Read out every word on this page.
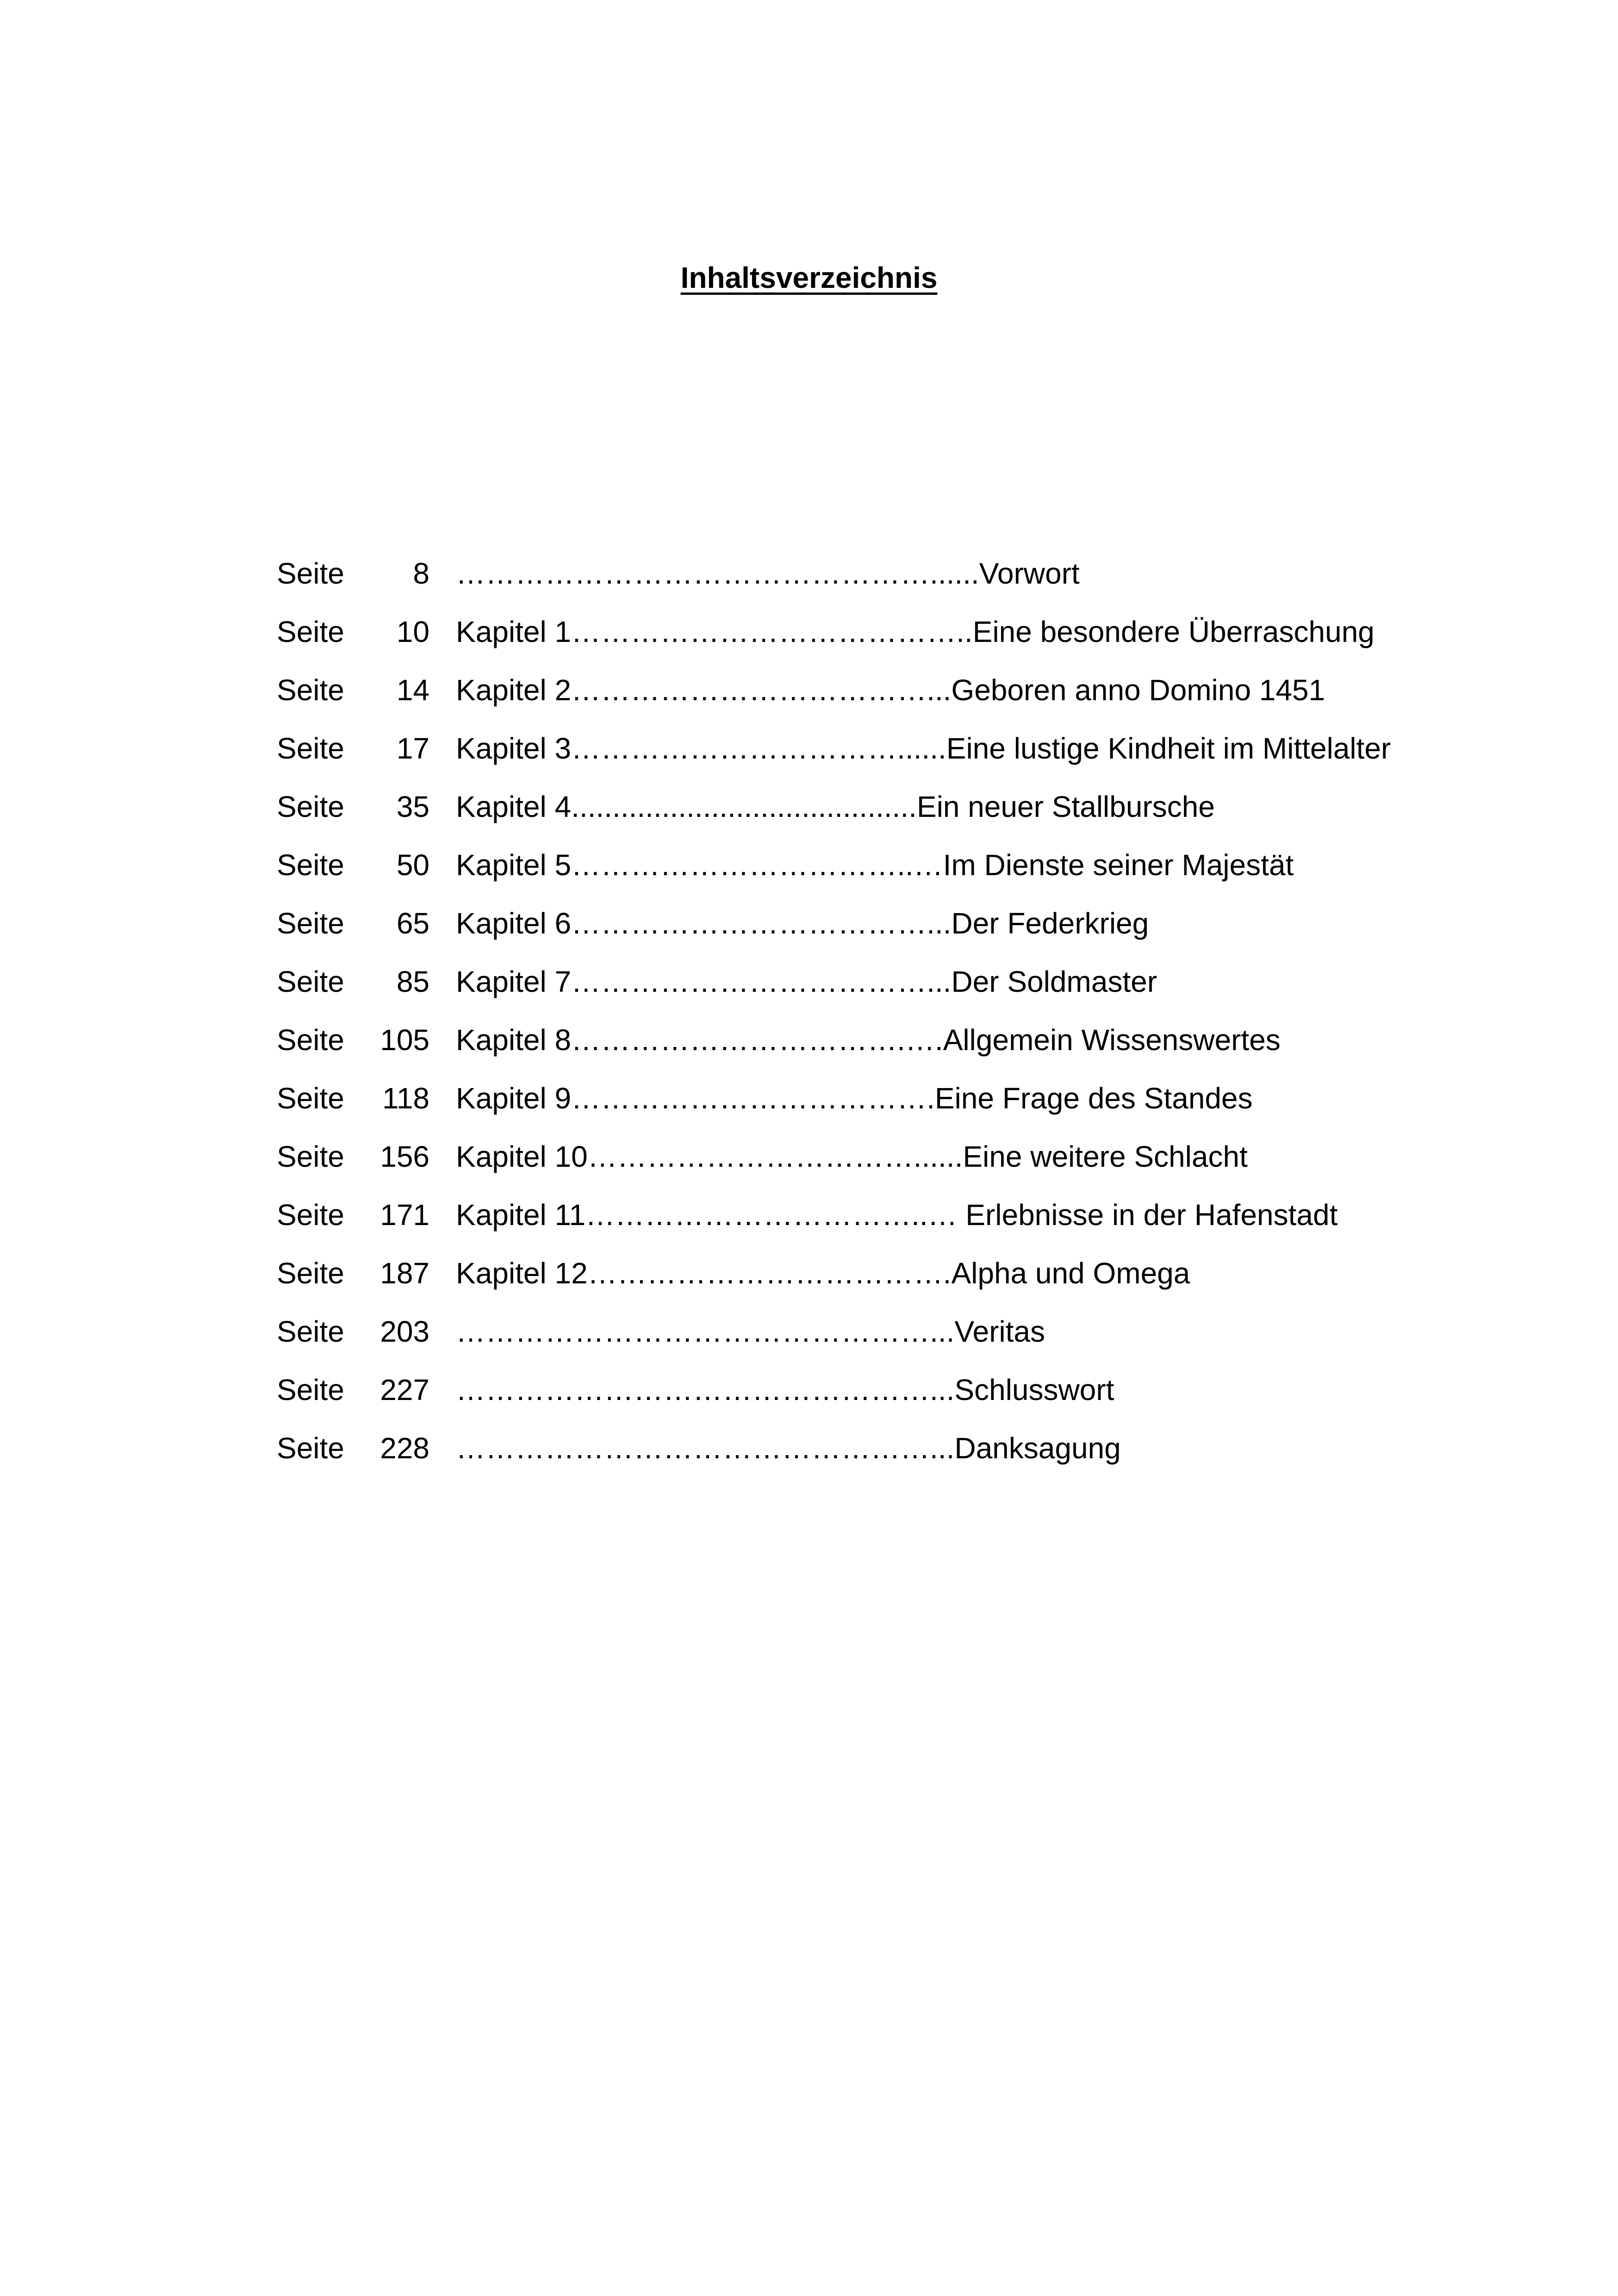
Inhaltsverzeichnis
Seite	8 …………………………………………......Vorwort
Seite	10 Kapitel 1…………………………………..Eine besondere Überraschung
Seite	14 Kapitel 2………………………………...Geboren anno Domino 1451
Seite	17 Kapitel 3……………………………......Eine lustige Kindheit im Mittelalter
Seite	35 Kapitel 4..........................................Ein neuer Stallbursche
Seite	50 Kapitel 5……………………………..…Im Dienste seiner Majestät
Seite	65 Kapitel 6………………………………...Der Federkrieg
Seite	85 Kapitel 7………………………………...Der Soldmaster
Seite	105 Kapitel 8…………………………….….Allgemein Wissenswertes
Seite	118 Kapitel 9……………………………….Eine Frage des Standes
Seite	156 Kapitel 10……………………………......Eine weitere Schlacht
Seite	171 Kapitel 11……………………………..… Erlebnisse in der Hafenstadt
Seite	187 Kapitel 12……………………………….Alpha und Omega
Seite	203 …………………………………………...Veritas
Seite	227 …………………………………………...Schlusswort
Seite	228 …………………………………………...Danksagung
